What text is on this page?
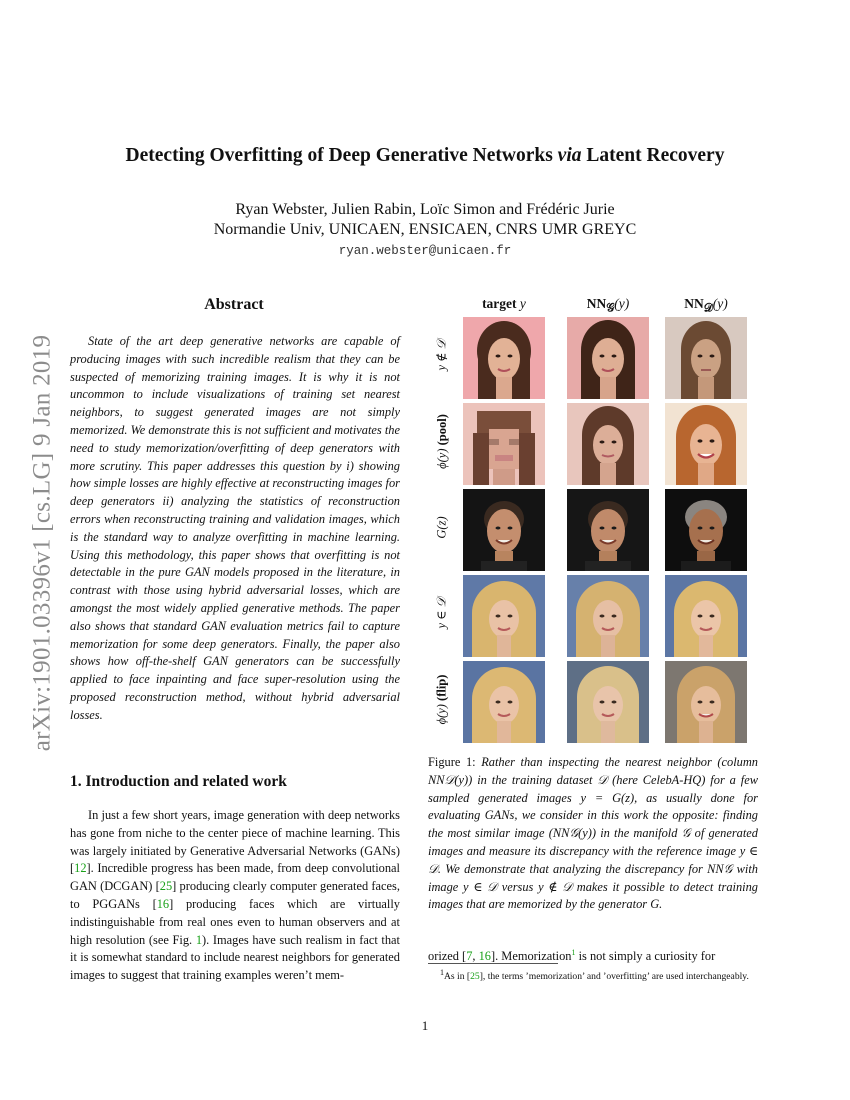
arXiv:1901.03396v1 [cs.LG] 9 Jan 2019
Detecting Overfitting of Deep Generative Networks via Latent Recovery
Ryan Webster, Julien Rabin, Loïc Simon and Frédéric Jurie
Normandie Univ, UNICAEN, ENSICAEN, CNRS UMR GREYC
ryan.webster@unicaen.fr
Abstract

State of the art deep generative networks are capable of producing images with such incredible realism that they can be suspected of memorizing training images. It is why it is not uncommon to include visualizations of training set nearest neighbors, to suggest generated images are not simply memorized. We demonstrate this is not sufficient and motivates the need to study memorization/overfitting of deep generators with more scrutiny. This paper addresses this question by i) showing how simple losses are highly effective at reconstructing images for deep generators ii) analyzing the statistics of reconstruction errors when reconstructing training and validation images, which is the standard way to analyze overfitting in machine learning. Using this methodology, this paper shows that overfitting is not detectable in the pure GAN models proposed in the literature, in contrast with those using hybrid adversarial losses, which are amongst the most widely applied generative methods. The paper also shows that standard GAN evaluation metrics fail to capture memorization for some deep generators. Finally, the paper also shows how off-the-shelf GAN generators can be successfully applied to face inpainting and face super-resolution using the proposed reconstruction method, without hybrid adversarial losses.

1. Introduction and related work

In just a few short years, image generation with deep networks has gone from niche to the center piece of machine learning. This was largely initiated by Generative Adversarial Networks (GANs) [12]. Incredible progress has been made, from deep convolutional GAN (DCGAN) [25] producing clearly computer generated faces, to PGGANs [16] producing faces which are virtually indistinguishable from real ones even to human observers and at high resolution (see Fig. 1). Images have such realism in fact that it is somewhat standard to include nearest neighbors for generated images to suggest that training examples weren’t mem-

target y	$NN_𝒢(y)$	$NN_𝒟(y)$
y ∉ 𝒟
ϕ(y) (pool)
G(z)
y ∈ 𝒟
ϕ(y) (flip)

Figure 1: Rather than inspecting the nearest neighbor (column NN𝒟(y)) in the training dataset 𝒟 (here CelebA-HQ) for a few sampled generated images y = G(z), as usually done for evaluating GANs, we consider in this work the opposite: finding the most similar image (NN𝒢(y)) in the manifold 𝒢 of generated images and measure its discrepancy with the reference image y ∈ 𝒟. We demonstrate that analyzing the discrepancy for NN𝒢 with image y ∈ 𝒟 versus y ∉ 𝒟 makes it possible to detect training images that are memorized by the generator G.

orized [7, 16]. Memorization$^1$ is not simply a curiosity for

$^1$As in [25], the terms ’memorization’ and ’overfitting’ are used interchangeably.

1
